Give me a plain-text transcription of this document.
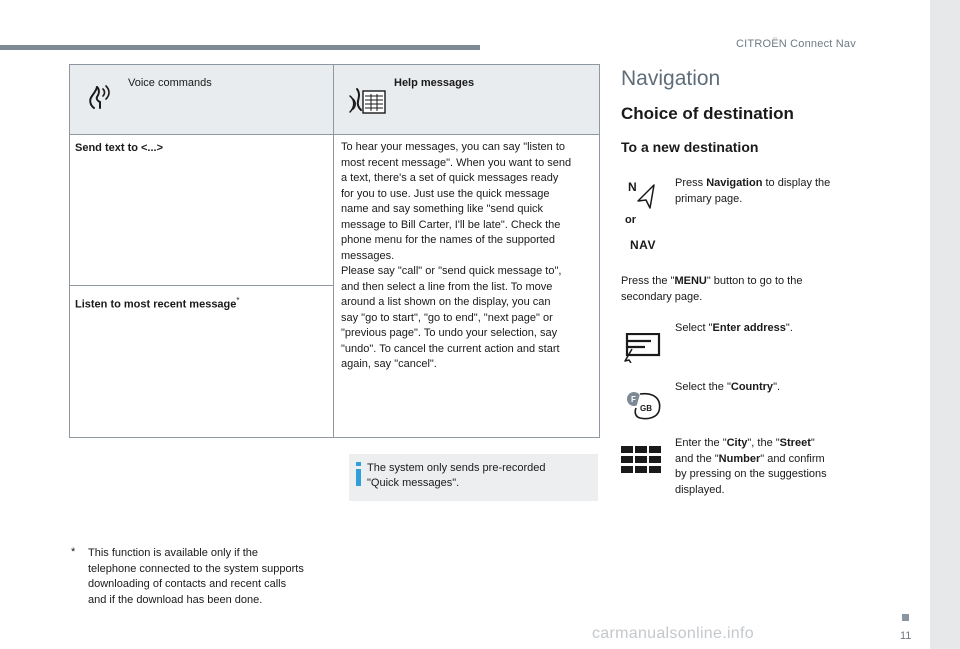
CITROËN Connect Nav
Voice commands	Help messages
Send text to <...>
Listen to most recent message*
To hear your messages, you can say "listen to
most recent message". When you want to send
a text, there's a set of quick messages ready
for you to use. Just use the quick message
name and say something like "send quick
message to Bill Carter, I'll be late". Check the
phone menu for the names of the supported
messages.
Please say "call" or "send quick message to",
and then select a line from the list. To move
around a list shown on the display, you can
say "go to start", "go to end", "next page" or
"previous page". To undo your selection, say
"undo". To cancel the current action and start
again, say "cancel".
The system only sends pre-recorded
"Quick messages".
* This function is available only if the
telephone connected to the system supports
downloading of contacts and recent calls
and if the download has been done.
Navigation
Choice of destination
To a new destination
N
or
NAV
Press Navigation to display the
primary page.
Press the "MENU" button to go to the
secondary page.
Select "Enter address".
F
GB
Select the "Country".
Enter the "City", the "Street"
and the "Number" and confirm
by pressing on the suggestions
displayed.
11
carmanualsonline.info
